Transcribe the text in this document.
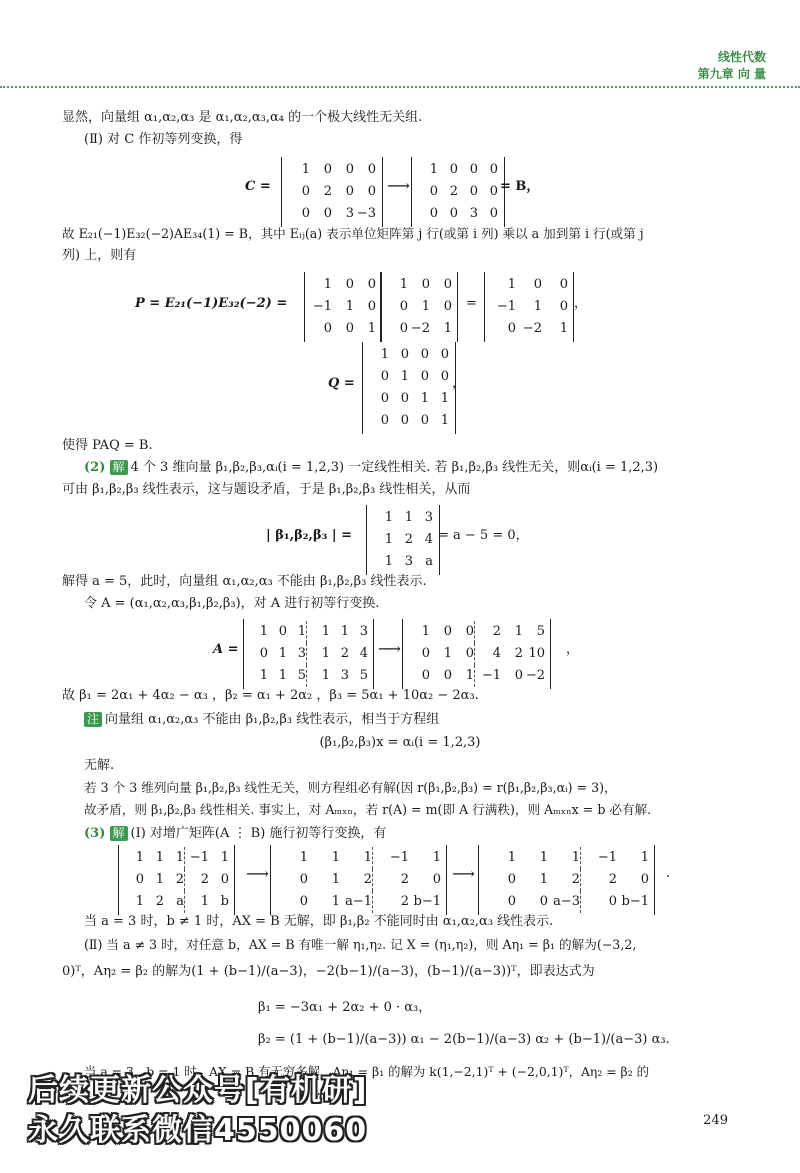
线性代数
第九章 向 量
显然，向量组 α₁,α₂,α₃ 是 α₁,α₂,α₃,α₄ 的一个极大线性无关组.
(Ⅱ) 对 C 作初等列变换，得
C =
1	0	0	0
0	2	0	0
0	0	3 −3
⟶
1 0 0 0
0 2 0 0
0 0 3 0
= B，
故 E₂₁(−1)E₃₂(−2)AE₃₄(1) = B，其中 Eᵢⱼ(a) 表示单位矩阵第 j 行(或第 i 列) 乘以 a 加到第 i 行(或第 j
列) 上，则有
P = E₂₁(−1)E₃₂(−2) =
1	0	0
−1	1	0
0	0	1
1	0	0
0	1	0
0 −2	1
=
1	0	0
−1	1	0
0 −2	1
，
Q =
1 0 0 0
0 1 0 0
0 0 1 1
0 0 0 1
，
使得 PAQ = B.
(2) 解 4 个 3 维向量 β₁,β₂,β₃,αᵢ(i = 1,2,3) 一定线性相关. 若 β₁,β₂,β₃ 线性无关，则αᵢ(i = 1,2,3)
可由 β₁,β₂,β₃ 线性表示，这与题设矛盾，于是 β₁,β₂,β₃ 线性相关，从而
| β₁,β₂,β₃ | =
1 1 3
1 2 4
1 3 a
= a − 5 = 0，
解得 a = 5，此时，向量组 α₁,α₂,α₃ 不能由 β₁,β₂,β₃ 线性表示.
令 A = (α₁,α₂,α₃,β₁,β₂,β₃)，对 A 进行初等行变换.
A =
1 0 1	1 1 3
0 1 3	1 2 4
1 1 5	1 3 5
⟶
1	0	0	2	1	5
0	1	0	4	2 10
0	0	1 −1	0 −2
，
故 β₁ = 2α₁ + 4α₂ − α₃ ，β₂ = α₁ + 2α₂ ，β₃ = 5α₁ + 10α₂ − 2α₃.
注 向量组 α₁,α₂,α₃ 不能由 β₁,β₂,β₃ 线性表示，相当于方程组
(β₁,β₂,β₃)x = αᵢ(i = 1,2,3)
无解.
若 3 个 3 维列向量 β₁,β₂,β₃ 线性无关，则方程组必有解(因 r(β₁,β₂,β₃) = r(β₁,β₂,β₃,αᵢ) = 3)，
故矛盾，则 β₁,β₂,β₃ 线性相关. 事实上，对 Aₘₓₙ，若 r(A) = m(即 A 行满秩)，则 Aₘₓₙx = b 必有解.
(3) 解 (Ⅰ) 对增广矩阵(A ⋮ B) 施行初等行变换，有
1 1 1 −1 1
0 1 2	2 0
1 2 a	1 b
⟶
1	1	1	−1	1
0	1	2	2	0
0	1 a−1	2 b−1
⟶
1	1	1	−1	1
0	1	2	2	0
0	0 a−3	0 b−1
.
当 a = 3 时，b ≠ 1 时，AX = B 无解，即 β₁,β₂ 不能同时由 α₁,α₂,α₃ 线性表示.
(Ⅱ) 当 a ≠ 3 时，对任意 b，AX = B 有唯一解 η₁,η₂. 记 X = (η₁,η₂)，则 Aη₁ = β₁ 的解为(−3,2,
0)ᵀ，Aη₂ = β₂ 的解为(1 + (b−1)/(a−3)，−2(b−1)/(a−3)，(b−1)/(a−3))ᵀ，即表达式为
β₁ = −3α₁ + 2α₂ + 0 · α₃，
β₂ = (1 + (b−1)/(a−3)) α₁ − 2(b−1)/(a−3) α₂ + (b−1)/(a−3) α₃.
当 a = 3，b = 1 时，AX = B 有无穷多解，Aη₁ = β₁ 的解为 k(1,−2,1)ᵀ + (−2,0,1)ᵀ，Aη₂ = β₂ 的
后续更新公众号[有机研]
永久联系微信4550060	249
